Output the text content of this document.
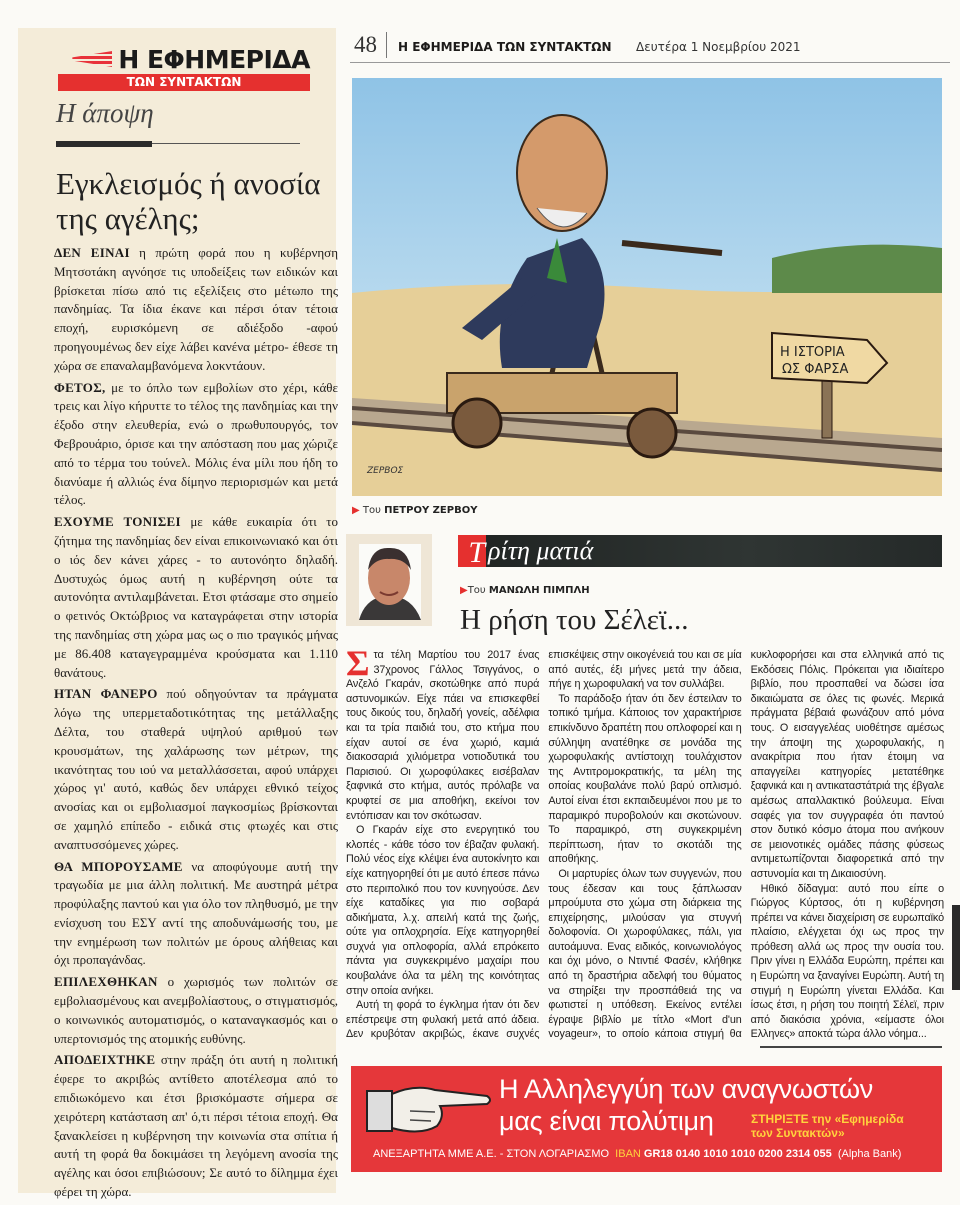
Η ΕΦΗΜΕΡΙΔΑ
ΤΩΝ ΣΥΝΤΑΚΤΩΝ
Η άποψη
Εγκλεισμός ή ανοσία της αγέλης;

ΔΕΝ ΕΙΝΑΙ η πρώτη φορά που η κυβέρνηση Μητσοτάκη αγνόησε τις υποδείξεις των ειδικών και βρίσκεται πίσω από τις εξελίξεις στο μέτωπο της πανδημίας. Τα ίδια έκανε και πέρσι όταν τέτοια εποχή, ευρισκόμενη σε αδιέξοδο -αφού προηγουμένως δεν είχε λάβει κανένα μέτρο- έθεσε τη χώρα σε επαναλαμβανόμενα λοκντάουν.

ΦΕΤΟΣ, με το όπλο των εμβολίων στο χέρι, κάθε τρεις και λίγο κήρυττε το τέλος της πανδημίας και την έξοδο στην ελευθερία, ενώ ο πρωθυπουργός, τον Φεβρουάριο, όρισε και την απόσταση που μας χώριζε από το τέρμα του τούνελ. Μόλις ένα μίλι που ήδη το διανύαμε ή αλλιώς ένα δίμηνο περιορισμών και μετά τέλος.

ΕΧΟΥΜΕ ΤΟΝΙΣΕΙ με κάθε ευκαιρία ότι το ζήτημα της πανδημίας δεν είναι επικοινωνιακό και ότι ο ιός δεν κάνει χάρες - το αυτονόητο δηλαδή. Δυστυχώς όμως αυτή η κυβέρνηση ούτε τα αυτονόητα αντιλαμβάνεται. Ετσι φτάσαμε στο σημείο ο φετινός Οκτώβριος να καταγράφεται στην ιστορία της πανδημίας στη χώρα μας ως ο πιο τραγικός μήνας με 86.408 καταγεγραμμένα κρούσματα και 1.110 θανάτους.

ΗΤΑΝ ΦΑΝΕΡΟ πού οδηγούνταν τα πράγματα λόγω της υπερμεταδοτικότητας της μετάλλαξης Δέλτα, του σταθερά υψηλού αριθμού των κρουσμάτων, της χαλάρωσης των μέτρων, της ικανότητας του ιού να μεταλλάσσεται, αφού υπάρχει χώρος γι' αυτό, καθώς δεν υπάρχει εθνικό τείχος ανοσίας και οι εμβολιασμοί παγκοσμίως βρίσκονται σε χαμηλό επίπεδο - ειδικά στις φτωχές και στις αναπτυσσόμενες χώρες.

ΘΑ ΜΠΟΡΟΥΣΑΜΕ να αποφύγουμε αυτή την τραγωδία με μια άλλη πολιτική. Με αυστηρά μέτρα προφύλαξης παντού και για όλο τον πληθυσμό, με την ενίσχυση του ΕΣΥ αντί της αποδυνάμωσής του, με την ενημέρωση των πολιτών με όρους αλήθειας και όχι προπαγάνδας.

ΕΠΙΛΕΧΘΗΚΑΝ ο χωρισμός των πολιτών σε εμβολιασμένους και ανεμβολίαστους, ο στιγματισμός, ο κοινωνικός αυτοματισμός, ο καταναγκασμός και ο υπερτονισμός της ατομικής ευθύνης.

ΑΠΟΔΕΙΧΤΗΚΕ στην πράξη ότι αυτή η πολιτική έφερε το ακριβώς αντίθετο αποτέλεσμα από το επιδιωκόμενο και έτσι βρισκόμαστε σήμερα σε χειρότερη κατάσταση απ' ό,τι πέρσι τέτοια εποχή. Θα ξανακλείσει η κυβέρνηση την κοινωνία στα σπίτια ή αυτή τη φορά θα δοκιμάσει τη λεγόμενη ανοσία της αγέλης και όσοι επιβιώσουν; Σε αυτό το δίλημμα έχει φέρει τη χώρα.

48 Η ΕΦΗΜΕΡΙΔΑ ΤΩΝ ΣΥΝΤΑΚΤΩΝ Δευτέρα 1 Νοεμβρίου 2021
Η ΙΣΤΟΡΙΑ
ΩΣ ΦΑΡΣΑ
ΖΕΡΒΟΣ
▶ Του ΠΕΤΡΟΥ ΖΕΡΒΟΥ
Τ ρίτη ματιά
▶Του ΜΑΝΩΛΗ ΠΙΜΠΛΗ
Η ρήση του Σέλεϊ...

Στα τέλη Μαρτίου του 2017 ένας 37χρονος Γάλλος Τσιγγάνος, ο Ανζελό Γκαράν, σκοτώθηκε από πυρά αστυνομικών. Είχε πάει να επισκεφθεί τους δικούς του, δηλαδή γονείς, αδέλφια και τα τρία παιδιά του, στο κτήμα που είχαν αυτοί σε ένα χωριό, καμιά διακοσαριά χιλιόμετρα νοτιοδυτικά του Παρισιού. Οι χωροφύλακες εισέβαλαν ξαφνικά στο κτήμα, αυτός πρόλαβε να κρυφτεί σε μια αποθήκη, εκείνοι τον εντόπισαν και τον σκότωσαν.

Ο Γκαράν είχε στο ενεργητικό του κλοπές - κάθε τόσο τον έβαζαν φυλακή. Πολύ νέος είχε κλέψει ένα αυτοκίνητο και είχε κατηγορηθεί ότι με αυτό έπεσε πάνω στο περιπολικό που τον κυνηγούσε. Δεν είχε καταδίκες για πιο σοβαρά αδικήματα, λ.χ. απειλή κατά της ζωής, ούτε για οπλοχρησία. Είχε κατηγορηθεί συχνά για οπλοφορία, αλλά επρόκειτο πάντα για συγκεκριμένο μαχαίρι που κουβαλάνε όλα τα μέλη της κοινότητας στην οποία ανήκει.

Αυτή τη φορά το έγκλημα ήταν ότι δεν επέστρεψε στη φυλακή μετά από άδεια. Δεν κρυβόταν ακριβώς, έκανε συχνές επισκέψεις στην οικογένειά του και σε μία από αυτές, έξι μήνες μετά την άδεια, πήγε η χωροφυλακή να τον συλλάβει.

Το παράδοξο ήταν ότι δεν έστειλαν το τοπικό τμήμα. Κάποιος τον χαρακτήρισε επικίνδυνο δραπέτη που οπλοφορεί και η σύλληψη ανατέθηκε σε μονάδα της χωροφυλακής αντίστοιχη τουλάχιστον της Αντιτρομοκρατικής, τα μέλη της οποίας κουβαλάνε πολύ βαρύ οπλισμό. Αυτοί είναι έτσι εκπαιδευμένοι που με το παραμικρό πυροβολούν και σκοτώνουν. Το παραμικρό, στη συγκεκριμένη περίπτωση, ήταν το σκοτάδι της αποθήκης.

Οι μαρτυρίες όλων των συγγενών, που τους έδεσαν και τους ξάπλωσαν μπρούμυτα στο χώμα στη διάρκεια της επιχείρησης, μιλούσαν για στυγνή δολοφονία. Οι χωροφύλακες, πάλι, για αυτοάμυνα. Ενας ειδικός, κοινωνιολόγος και όχι μόνο, ο Ντιντιέ Φασέν, κλήθηκε από τη δραστήρια αδελφή του θύματος να στηρίξει την προσπάθειά της να φωτιστεί η υπόθεση. Εκείνος εντέλει έγραψε βιβλίο με τίτλο «Mort d'un voyageur», το οποίο κάποια στιγμή θα κυκλοφορήσει και στα ελληνικά από τις Εκδόσεις Πόλις. Πρόκειται για ιδιαίτερο βιβλίο, που προσπαθεί να δώσει ίσα δικαιώματα σε όλες τις φωνές. Μερικά πράγματα βέβαιά φωνάζουν από μόνα τους. Ο εισαγγελέας υιοθέτησε αμέσως την άποψη της χωροφυλακής, η ανακρίτρια που ήταν έτοιμη να απαγγείλει κατηγορίες μετατέθηκε ξαφνικά και η αντικαταστάτριά της έβγαλε αμέσως απαλλακτικό βούλευμα. Είναι σαφές για τον συγγραφέα ότι παντού στον δυτικό κόσμο άτομα που ανήκουν σε μειονοτικές ομάδες πάσης φύσεως αντιμετωπίζονται διαφορετικά από την αστυνομία και τη Δικαιοσύνη.

Ηθικό δίδαγμα: αυτό που είπε ο Γιώργος Κύρτσος, ότι η κυβέρνηση πρέπει να κάνει διαχείριση σε ευρωπαϊκό πλαίσιο, ελέγχεται όχι ως προς την πρόθεση αλλά ως προς την ουσία του. Πριν γίνει η Ελλάδα Ευρώπη, πρέπει και η Ευρώπη να ξαναγίνει Ευρώπη. Αυτή τη στιγμή η Ευρώπη γίνεται Ελλάδα. Και ίσως έτσι, η ρήση του ποιητή Σέλεϊ, πριν από διακόσια χρόνια, «είμαστε όλοι Ελληνες» αποκτά τώρα άλλο νόημα...

Η Αλληλεγγύη των αναγνωστών
μας είναι πολύτιμη	ΣΤΗΡΙΞΤΕ την «Εφημερίδα
των Συντακτών»
ΑΝΕΞΑΡΤΗΤΑ ΜΜΕ Α.Ε. - ΣΤΟΝ ΛΟΓΑΡΙΑΣΜΟ IBAN GR18 0140 1010 1010 0200 2314 055 (Alpha Bank)
